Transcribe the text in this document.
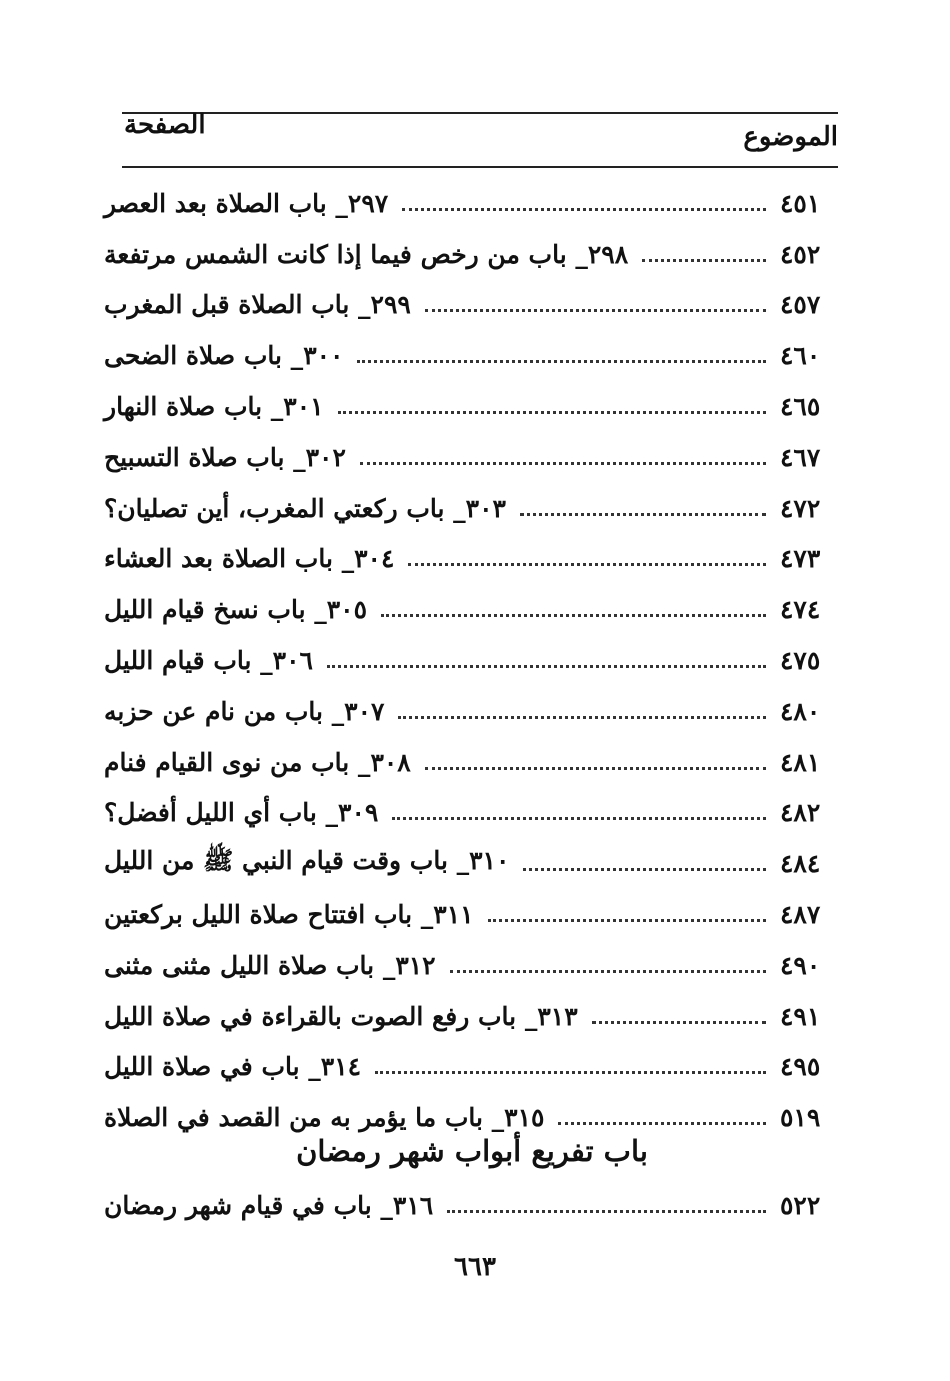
الموضوع
الصفحة
٢٩٧_ باب الصلاة بعد العصر	٤٥١
٢٩٨_ باب من رخص فيما إذا كانت الشمس مرتفعة	٤٥٢
٢٩٩_ باب الصلاة قبل المغرب	٤٥٧
٣٠٠_ باب صلاة الضحى	٤٦٠
٣٠١_ باب صلاة النهار	٤٦٥
٣٠٢_ باب صلاة التسبيح	٤٦٧
٣٠٣_ باب ركعتي المغرب، أين تصليان؟	٤٧٢
٣٠٤_ باب الصلاة بعد العشاء	٤٧٣
٣٠٥_ باب نسخ قيام الليل	٤٧٤
٣٠٦_ باب قيام الليل	٤٧٥
٣٠٧_ باب من نام عن حزبه	٤٨٠
٣٠٨_ باب من نوى القيام فنام	٤٨١
٣٠٩_ باب أي الليل أفضل؟	٤٨٢
٣١٠_ باب وقت قيام النبي ﷺ من الليل	٤٨٤
٣١١_ باب افتتاح صلاة الليل بركعتين	٤٨٧
٣١٢_ باب صلاة الليل مثنى مثنى	٤٩٠
٣١٣_ باب رفع الصوت بالقراءة في صلاة الليل	٤٩١
٣١٤_ باب في صلاة الليل	٤٩٥
٣١٥_ باب ما يؤمر به من القصد في الصلاة	٥١٩
باب تفريع أبواب شهر رمضان
٣١٦_ باب في قيام شهر رمضان	٥٢٢
٦٦٣
